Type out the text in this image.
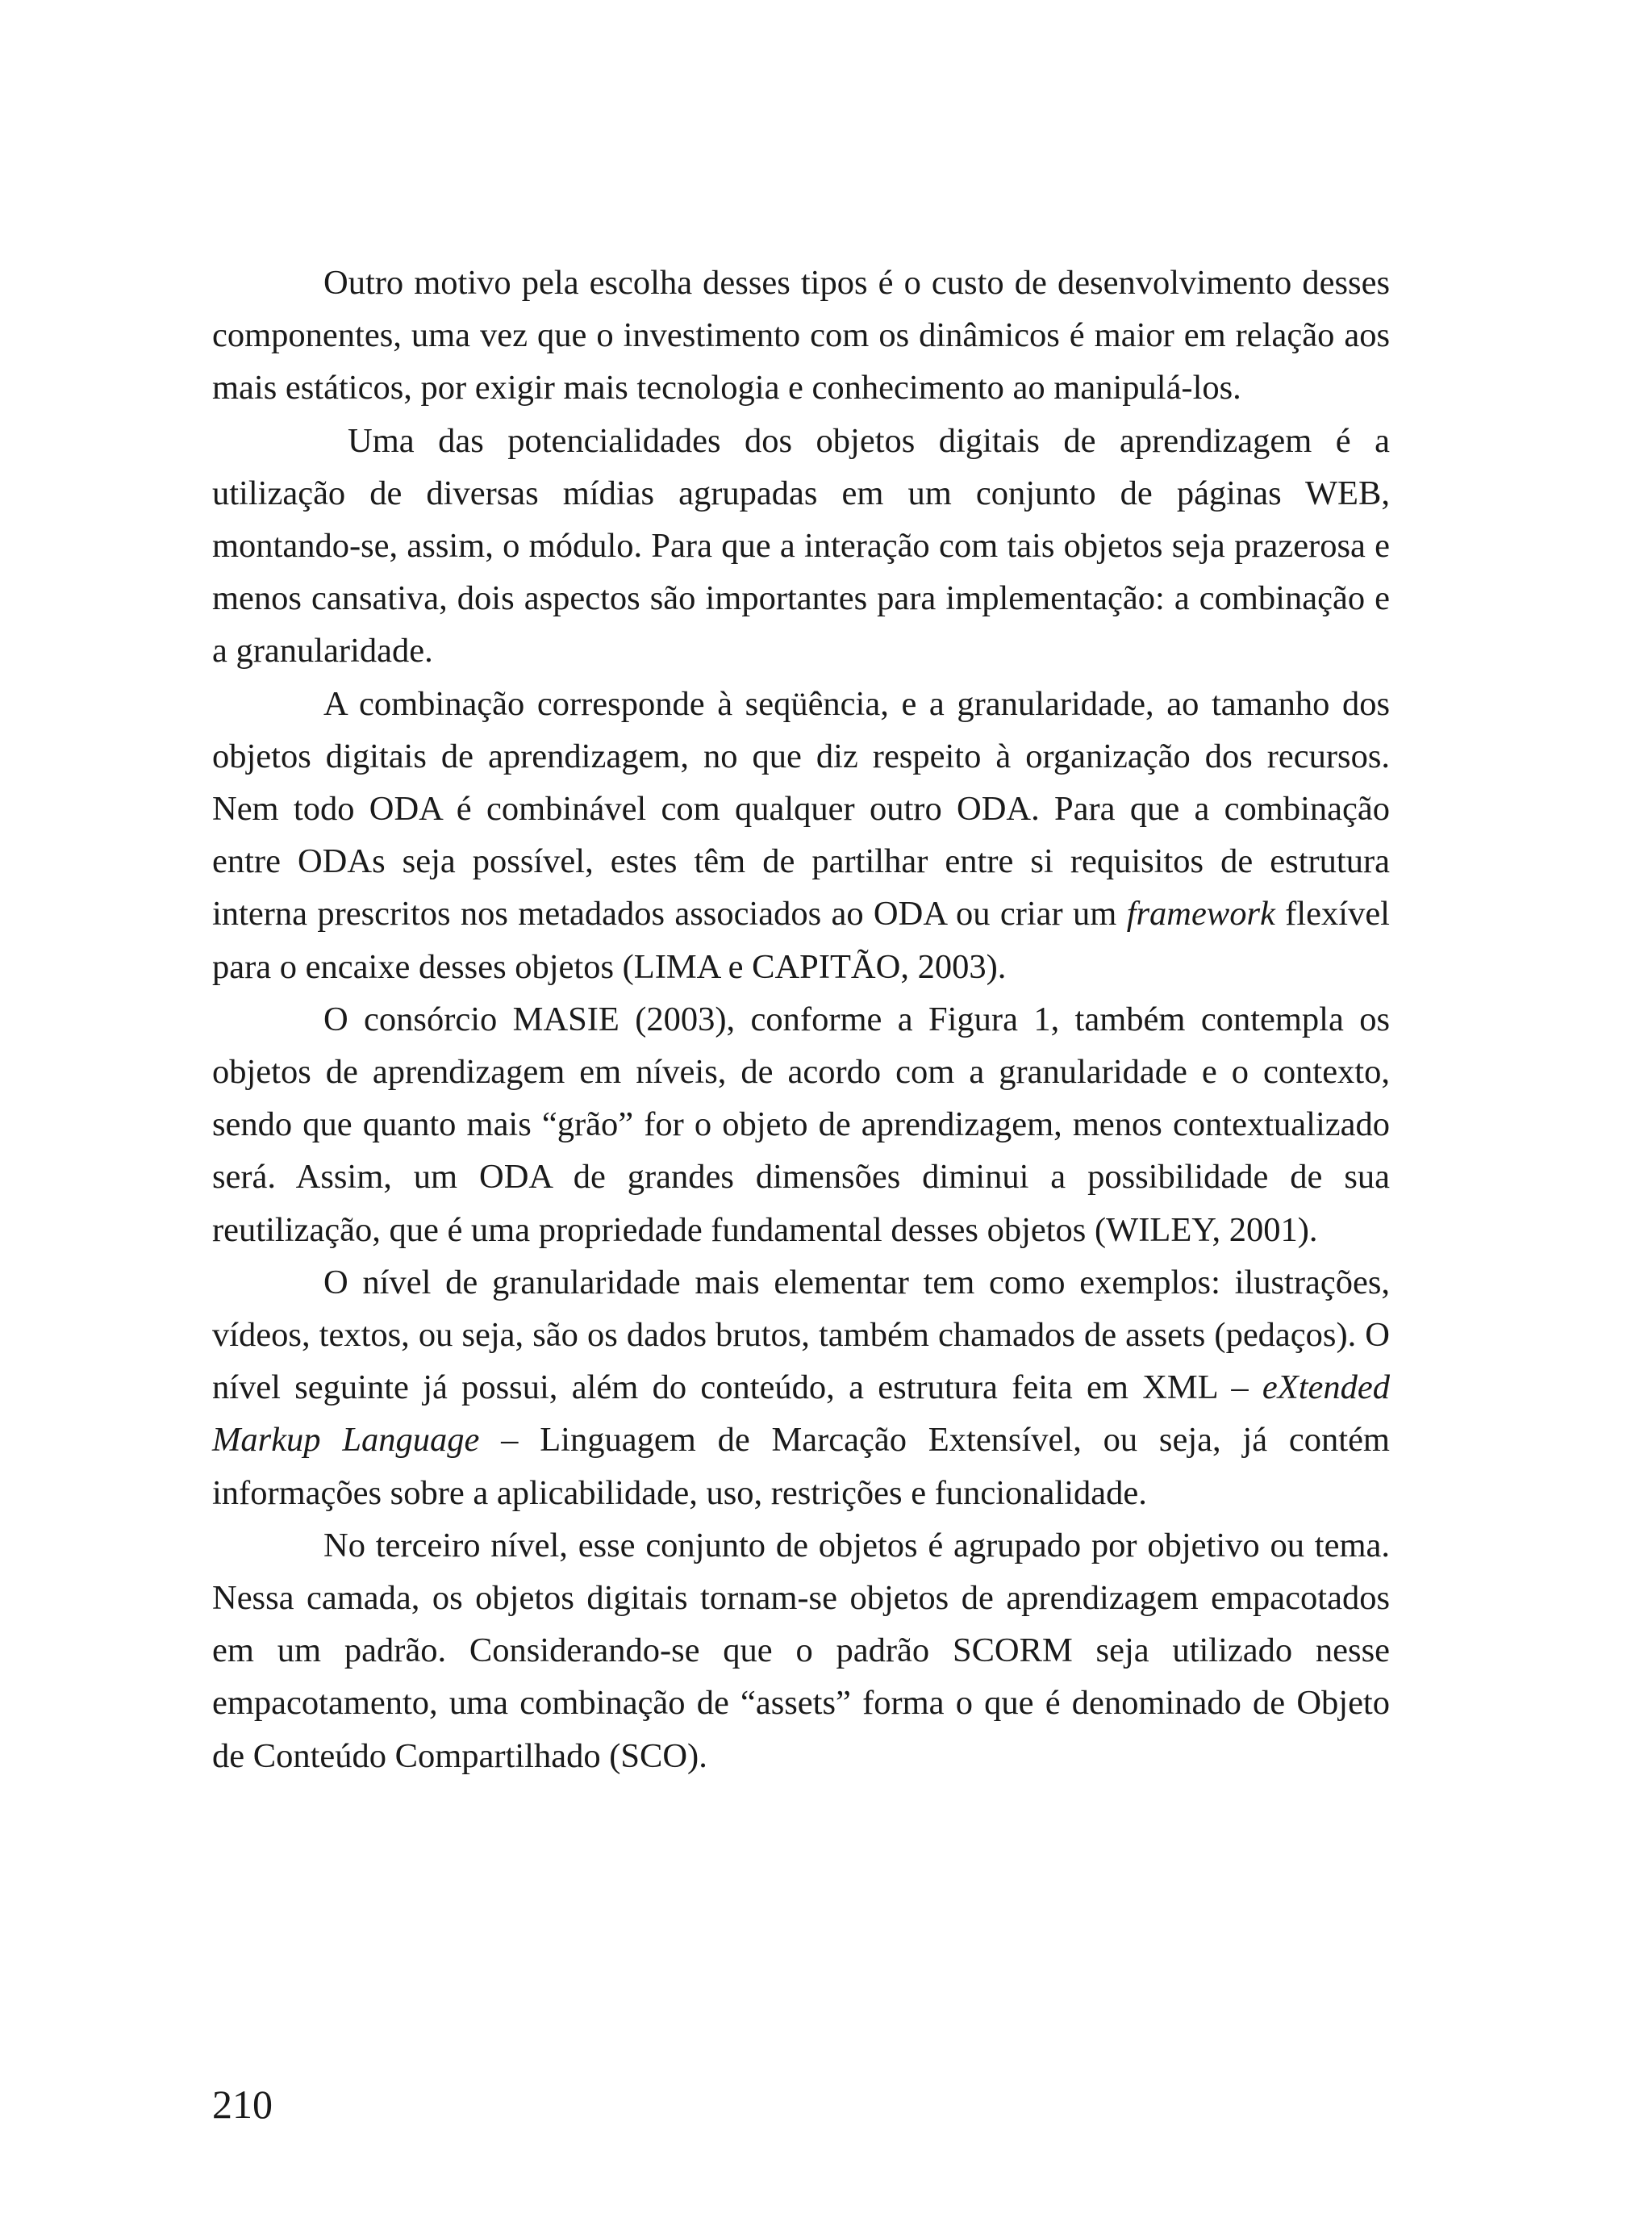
Outro motivo pela escolha desses tipos é o custo de desenvolvimento desses componentes, uma vez que o investimento com os dinâmicos é maior em relação aos mais estáticos, por exigir mais tecnologia e conhecimento ao manipulá-los.

Uma das potencialidades dos objetos digitais de aprendizagem é a utilização de diversas mídias agrupadas em um conjunto de páginas WEB, montando-se, assim, o módulo. Para que a interação com tais objetos seja prazerosa e menos cansativa, dois aspectos são importantes para implementação: a combinação e a granularidade.

A combinação corresponde à seqüência, e a granularidade, ao tamanho dos objetos digitais de aprendizagem, no que diz respeito à organização dos recursos. Nem todo ODA é combinável com qualquer outro ODA. Para que a combinação entre ODAs seja possível, estes têm de partilhar entre si requisitos de estrutura interna prescritos nos metadados associados ao ODA ou criar um framework flexível para o encaixe desses objetos (LIMA e CAPITÃO, 2003).

O consórcio MASIE (2003), conforme a Figura 1, também contempla os objetos de aprendizagem em níveis, de acordo com a granularidade e o contexto, sendo que quanto mais “grão” for o objeto de aprendizagem, menos contextualizado será. Assim, um ODA de grandes dimensões diminui a possibilidade de sua reutilização, que é uma propriedade fundamental desses objetos (WILEY, 2001).

O nível de granularidade mais elementar tem como exemplos: ilustrações, vídeos, textos, ou seja, são os dados brutos, também chamados de assets (pedaços). O nível seguinte já possui, além do conteúdo, a estrutura feita em XML – eXtended Markup Language – Linguagem de Marcação Extensível, ou seja, já contém informações sobre a aplicabilidade, uso, restrições e funcionalidade.

No terceiro nível, esse conjunto de objetos é agrupado por objetivo ou tema. Nessa camada, os objetos digitais tornam-se objetos de aprendizagem empacotados em um padrão. Considerando-se que o padrão SCORM seja utilizado nesse empacotamento, uma combinação de “assets” forma o que é denominado de Objeto de Conteúdo Compartilhado (SCO).

210
